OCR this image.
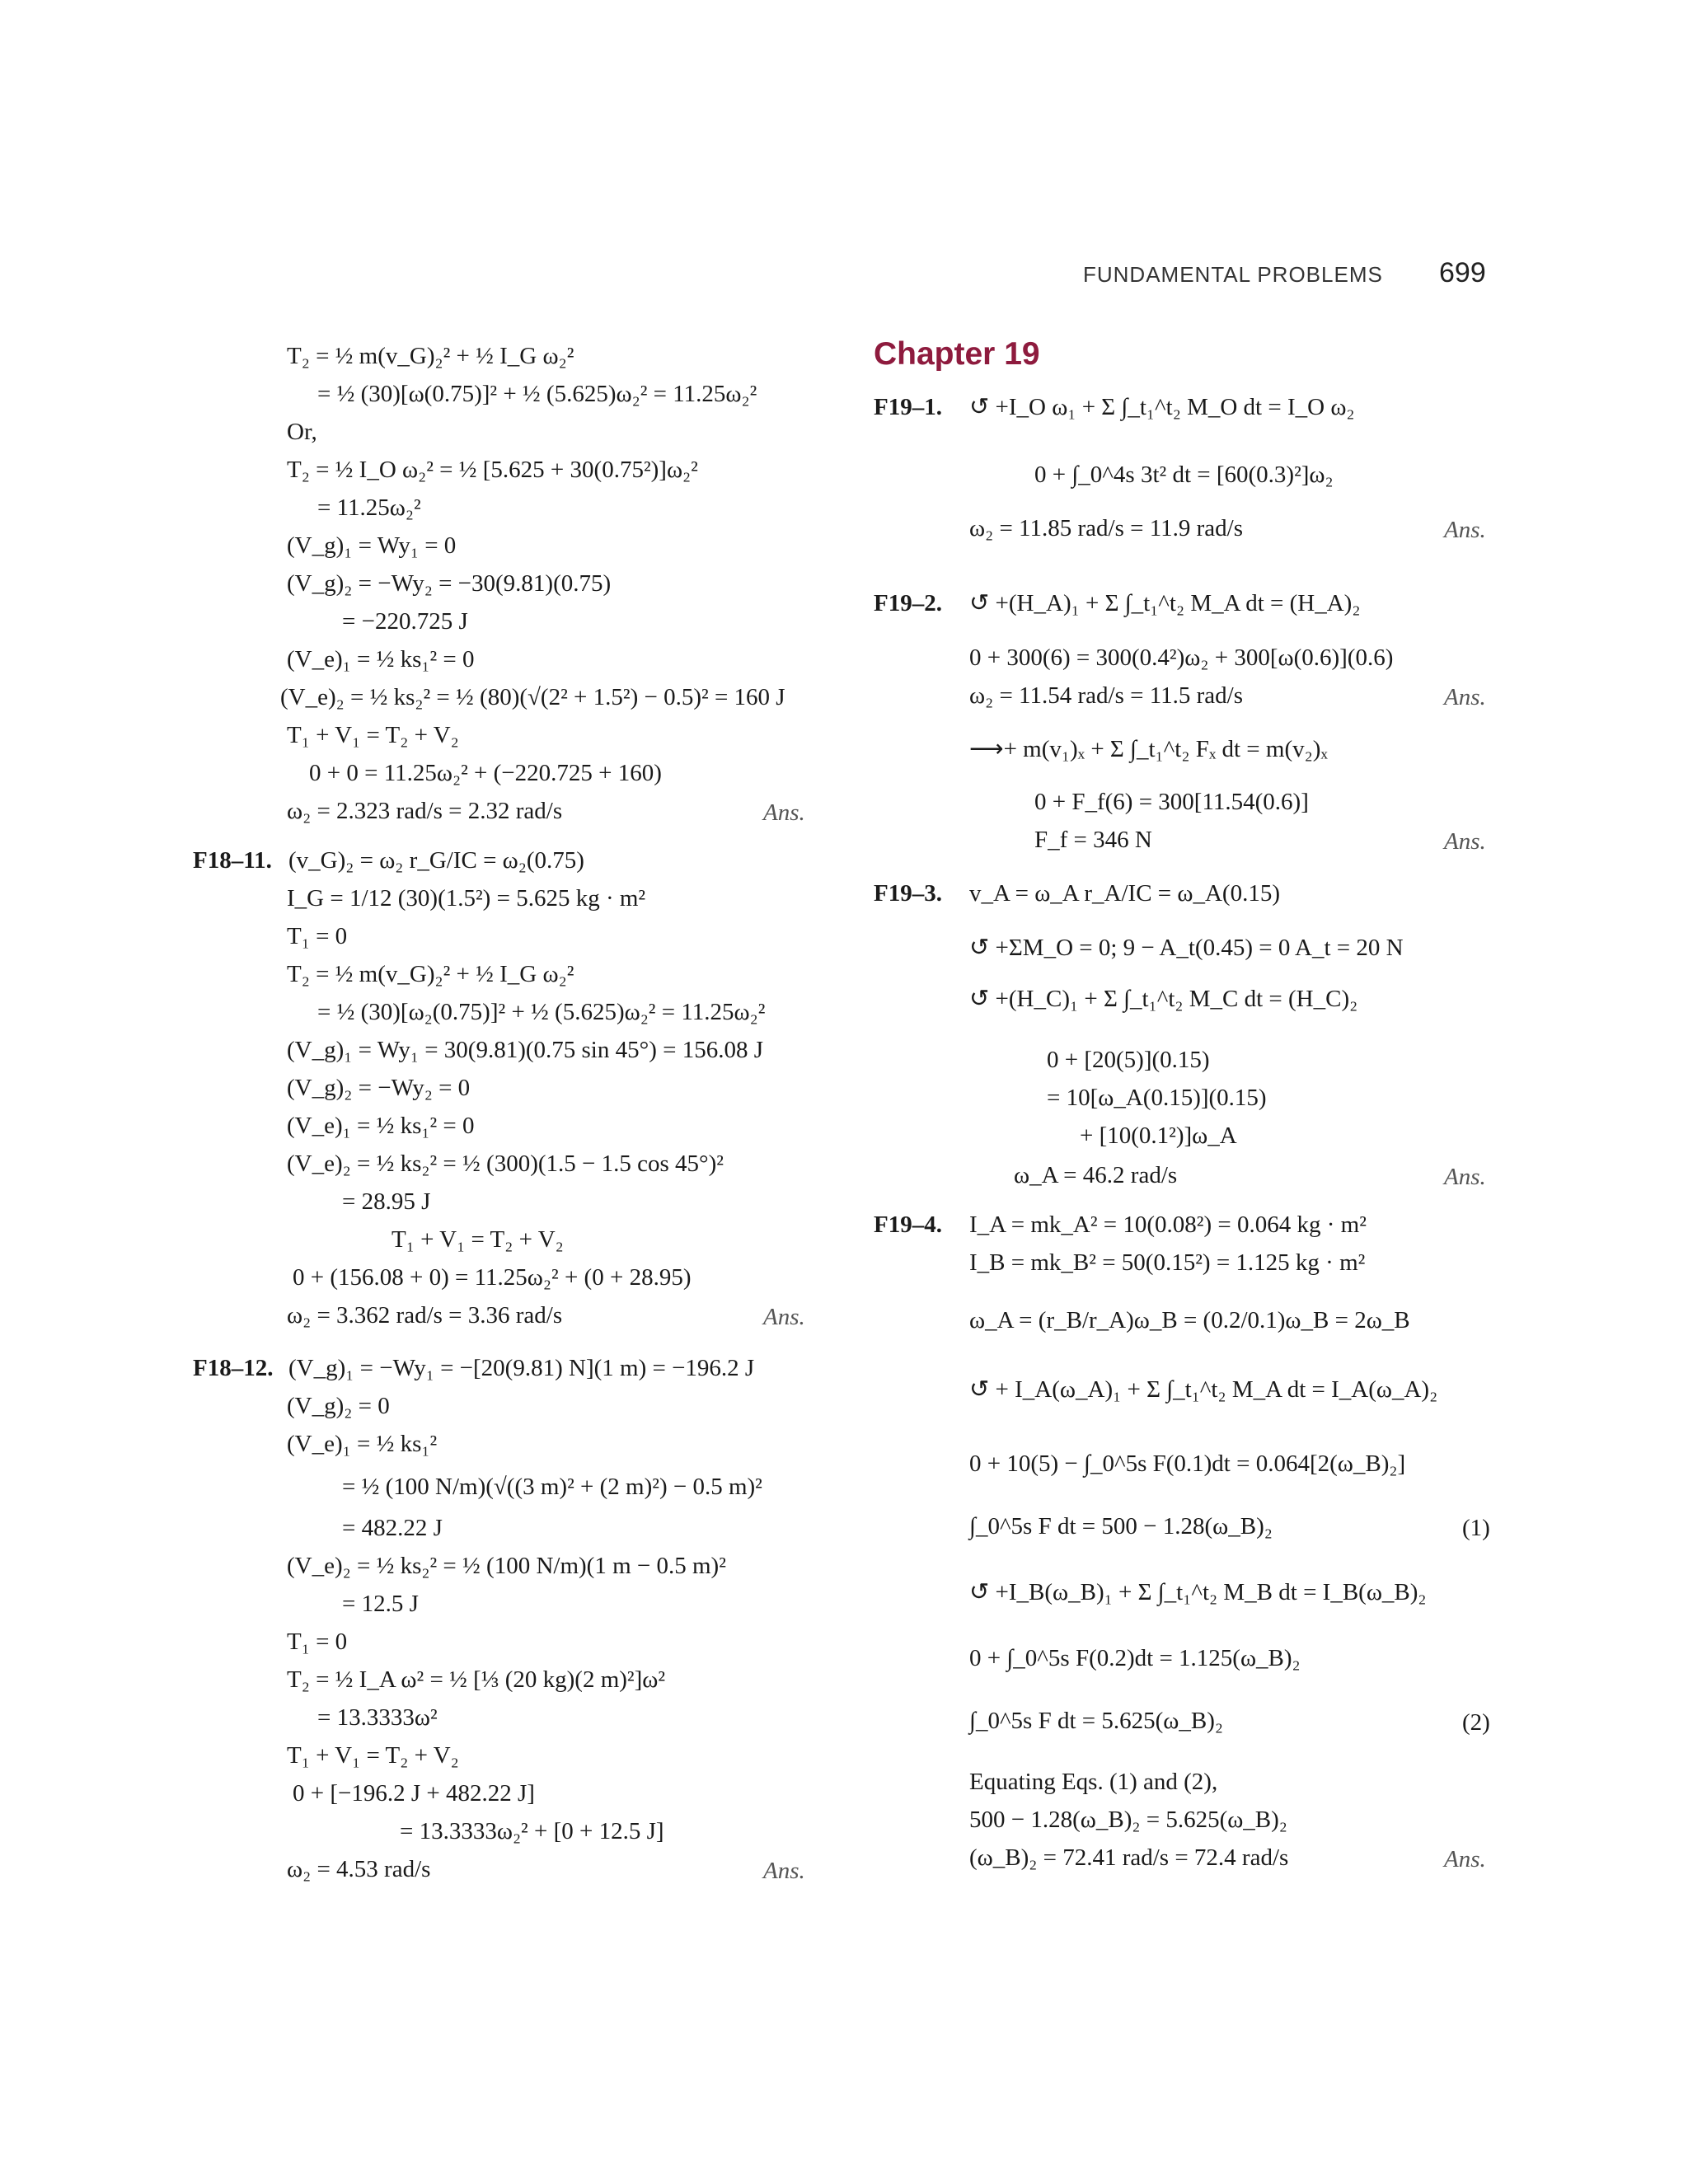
FUNDAMENTAL PROBLEMS 699
T₂ = ½ m(v_G)₂² + ½ I_G ω₂²
= ½ (30)[ω(0.75)]² + ½ (5.625)ω₂² = 11.25ω₂²
Or,
T₂ = ½ I_O ω₂² = ½ [5.625 + 30(0.75²)]ω₂²
= 11.25ω₂²
(V_g)₁ = Wy₁ = 0
(V_g)₂ = −Wy₂ = −30(9.81)(0.75)
= −220.725 J
(V_e)₁ = ½ ks₁² = 0
(V_e)₂ = ½ ks₂² = ½ (80)(√(2² + 1.5²) − 0.5)² = 160 J
T₁ + V₁ = T₂ + V₂
0 + 0 = 11.25ω₂² + (−220.725 + 160)
ω₂ = 2.323 rad/s = 2.32 rad/s	Ans.
F18–11. (v_G)₂ = ω₂ r_G/IC = ω₂(0.75)
I_G = 1/12 (30)(1.5²) = 5.625 kg · m²
T₁ = 0
T₂ = ½ m(v_G)₂² + ½ I_G ω₂²
= ½ (30)[ω₂(0.75)]² + ½ (5.625)ω₂² = 11.25ω₂²
(V_g)₁ = Wy₁ = 30(9.81)(0.75 sin 45°) = 156.08 J
(V_g)₂ = −Wy₂ = 0
(V_e)₁ = ½ ks₁² = 0
(V_e)₂ = ½ ks₂² = ½ (300)(1.5 − 1.5 cos 45°)²
= 28.95 J
T₁ + V₁ = T₂ + V₂
0 + (156.08 + 0) = 11.25ω₂² + (0 + 28.95)
ω₂ = 3.362 rad/s = 3.36 rad/s	Ans.
F18–12. (V_g)₁ = −Wy₁ = −[20(9.81) N](1 m) = −196.2 J
(V_g)₂ = 0
(V_e)₁ = ½ ks₁²
= ½ (100 N/m)(√((3 m)² + (2 m)²) − 0.5 m)²
= 482.22 J
(V_e)₂ = ½ ks₂² = ½ (100 N/m)(1 m − 0.5 m)²
= 12.5 J
T₁ = 0
T₂ = ½ I_A ω² = ½ [⅓ (20 kg)(2 m)²]ω²
= 13.3333ω²
T₁ + V₁ = T₂ + V₂
0 + [−196.2 J + 482.22 J]
= 13.3333ω₂² + [0 + 12.5 J]
ω₂ = 4.53 rad/s	Ans.
Chapter 19
F19–1. ↺ +I_O ω₁ + Σ ∫_t₁^t₂ M_O dt = I_O ω₂
0 + ∫_0^4s 3t² dt = [60(0.3)²]ω₂
ω₂ = 11.85 rad/s = 11.9 rad/s	Ans.
F19–2. ↺ +(H_A)₁ + Σ ∫_t₁^t₂ M_A dt = (H_A)₂
0 + 300(6) = 300(0.4²)ω₂ + 300[ω(0.6)](0.6)
ω₂ = 11.54 rad/s = 11.5 rad/s	Ans.
⟶+ m(v₁)ₓ + Σ ∫_t₁^t₂ Fₓ dt = m(v₂)ₓ
0 + F_f(6) = 300[11.54(0.6)]
F_f = 346 N	Ans.
F19–3. v_A = ω_A r_A/IC = ω_A(0.15)
↺ +ΣM_O = 0; 9 − A_t(0.45) = 0 A_t = 20 N
↺ +(H_C)₁ + Σ ∫_t₁^t₂ M_C dt = (H_C)₂
0 + [20(5)](0.15)
= 10[ω_A(0.15)](0.15)
+ [10(0.1²)]ω_A
ω_A = 46.2 rad/s	Ans.
F19–4. I_A = mk_A² = 10(0.08²) = 0.064 kg · m²
I_B = mk_B² = 50(0.15²) = 1.125 kg · m²
ω_A = (r_B/r_A)ω_B = (0.2/0.1)ω_B = 2ω_B
↺ + I_A(ω_A)₁ + Σ ∫_t₁^t₂ M_A dt = I_A(ω_A)₂
0 + 10(5) − ∫_0^5s F(0.1)dt = 0.064[2(ω_B)₂]
∫_0^5s F dt = 500 − 1.28(ω_B)₂	(1)
↺ +I_B(ω_B)₁ + Σ ∫_t₁^t₂ M_B dt = I_B(ω_B)₂
0 + ∫_0^5s F(0.2)dt = 1.125(ω_B)₂
∫_0^5s F dt = 5.625(ω_B)₂	(2)
Equating Eqs. (1) and (2),
500 − 1.28(ω_B)₂ = 5.625(ω_B)₂
(ω_B)₂ = 72.41 rad/s = 72.4 rad/s	Ans.
